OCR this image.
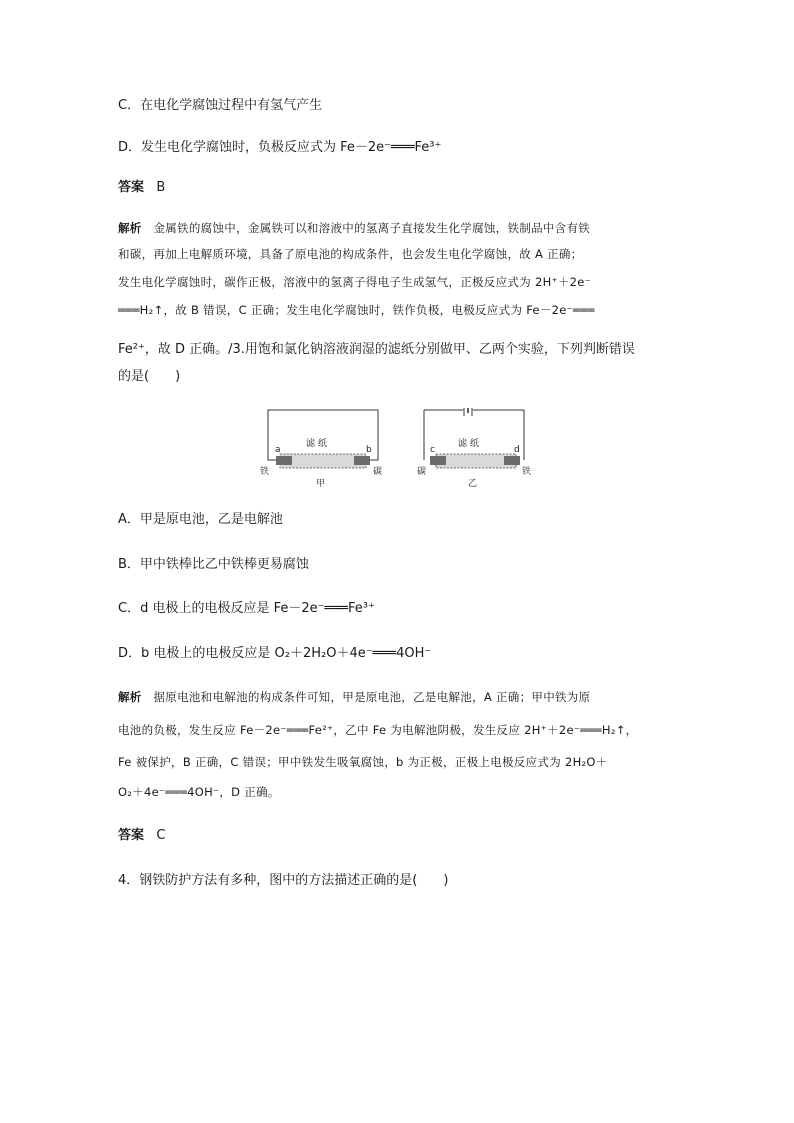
C．在电化学腐蚀过程中有氢气产生
D．发生电化学腐蚀时，负极反应式为 Fe－2e⁻═══Fe³⁺
答案 B
解析 金属铁的腐蚀中，金属铁可以和溶液中的氢离子直接发生化学腐蚀，铁制品中含有铁
和碳，再加上电解质环境，具备了原电池的构成条件，也会发生电化学腐蚀，故 A 正确；
发生电化学腐蚀时，碳作正极，溶液中的氢离子得电子生成氢气，正极反应式为 2H⁺＋2e⁻
═══H₂↑，故 B 错误，C 正确；发生电化学腐蚀时，铁作负极，电极反应式为 Fe－2e⁻═══
Fe²⁺，故 D 正确。/3.用饱和氯化钠溶液润湿的滤纸分别做甲、乙两个实验，下列判断错误
的是(　　)
滤 纸
a	b
铁	碳
甲
滤 纸
c	d
碳	铁
乙
A．甲是原电池，乙是电解池
B．甲中铁棒比乙中铁棒更易腐蚀
C．d 电极上的电极反应是 Fe－2e⁻═══Fe³⁺
D．b 电极上的电极反应是 O₂＋2H₂O＋4e⁻═══4OH⁻
解析 据原电池和电解池的构成条件可知，甲是原电池，乙是电解池，A 正确；甲中铁为原
电池的负极，发生反应 Fe－2e⁻═══Fe²⁺，乙中 Fe 为电解池阴极，发生反应 2H⁺＋2e⁻═══H₂↑，
Fe 被保护，B 正确，C 错误；甲中铁发生吸氧腐蚀，b 为正极，正极上电极反应式为 2H₂O＋
O₂＋4e⁻═══4OH⁻，D 正确。
答案 C
4．钢铁防护方法有多种，图中的方法描述正确的是(　　)
